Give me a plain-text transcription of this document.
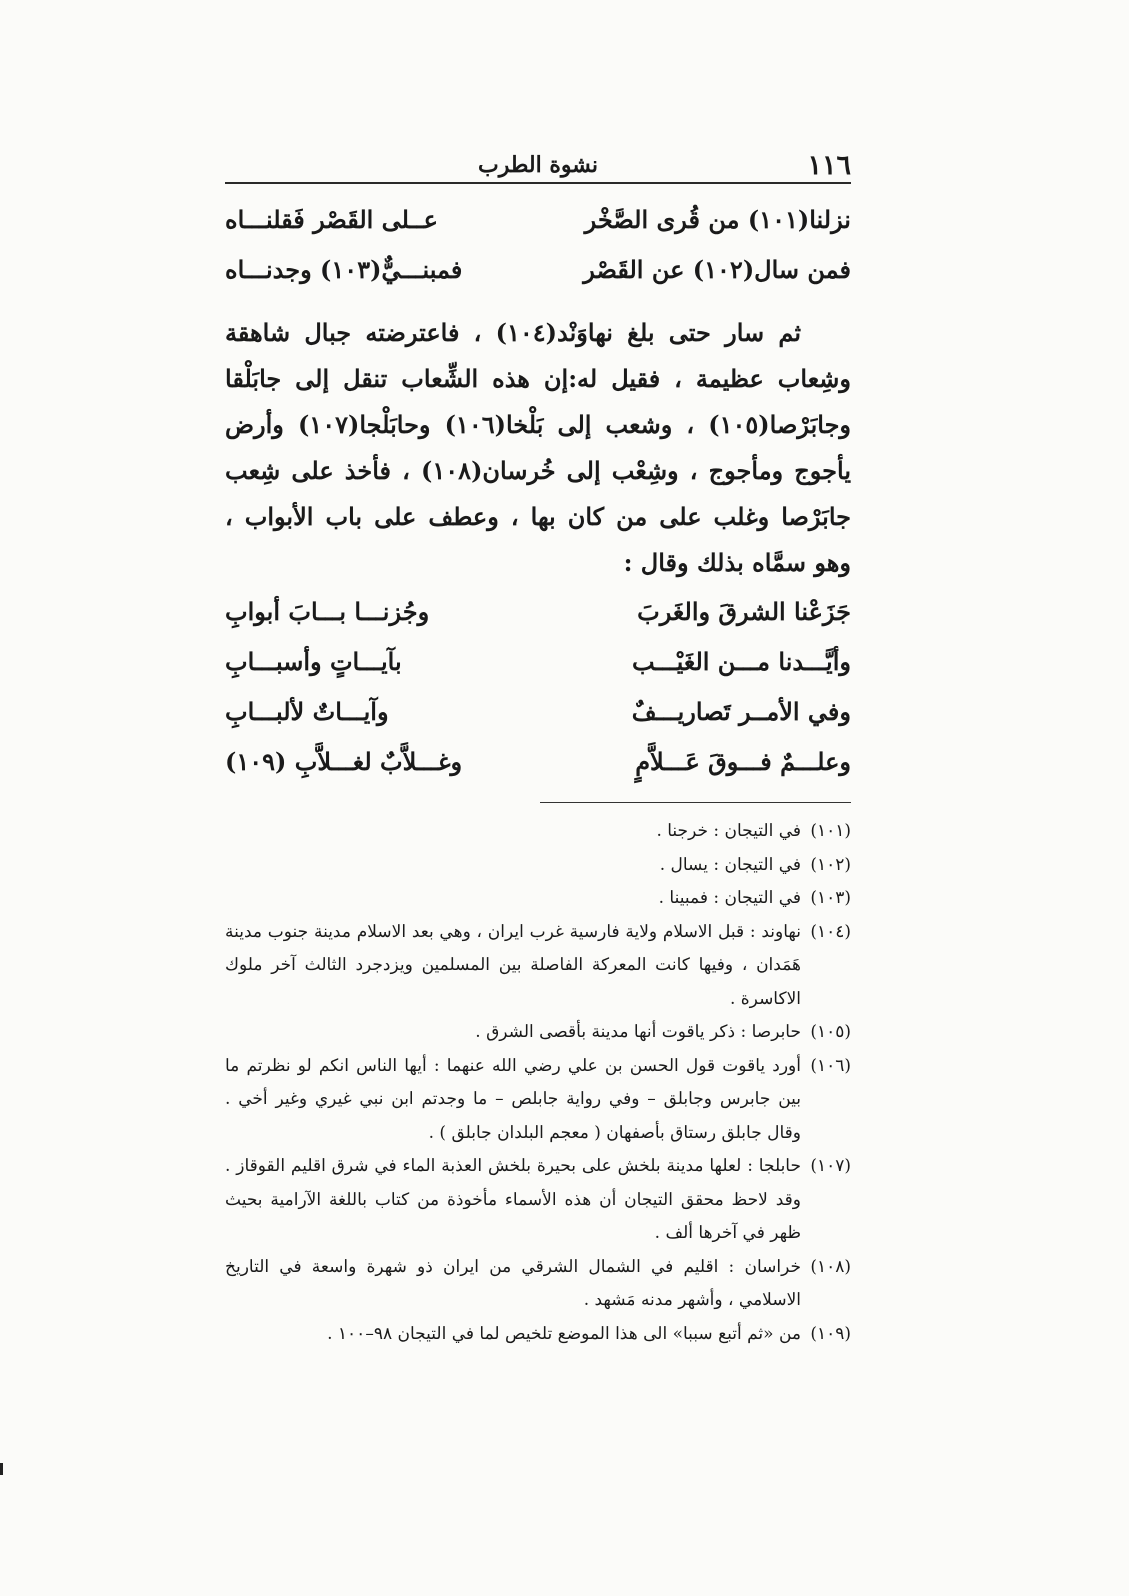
١١٦
نشوة الطرب
نزلنا(١٠١) من قُرى الصَّخْر
عــلى القَصْر فَقلنـــاه
فمن سال(١٠٢) عن القَصْر
فمبنـــيٌّ(١٠٣) وجدنـــاه

ثم سار حتى بلغ نهاوَنْد(١٠٤) ، فاعترضته جبال شاهقة وشِعاب عظيمة ، فقيل له:إن هذه الشِّعاب تنقل إلى جابَلْقا وجابَرْصا(١٠٥) ، وشعب إلى بَلْخا(١٠٦) وحابَلْجا(١٠٧) وأرض يأجوج ومأجوج ، وشِعْب إلى خُرسان(١٠٨) ، فأخذ على شِعب جابَرْصا وغلب على من كان بها ، وعطف على باب الأبواب ، وهو سمَّاه بذلك وقال :

جَزَعْنا الشرقَ والغَربَ
وجُزنـــا بـــابَ أبوابِ
وأيَّـــدنا مـــن الغَيْـــب
بآيـــاتٍ وأسبـــابِ
وفي الأمــر تَصاريـــفٌ
وآيـــاتٌ لألبـــابِ
وعلـــمٌ فـــوقَ عَـــلاَّمٍ
وغـــلاَّبٌ لغـــلاَّبِ (١٠٩)
(١٠١)
في التيجان : خرجنا .
(١٠٢)
في التيجان : يسال .
(١٠٣)
في التيجان : فمبينا .
(١٠٤)
نهاوند : قبل الاسلام ولاية فارسية غرب ايران ، وهي بعد الاسلام مدينة جنوب مدينة هَمَدان ، وفيها كانت المعركة الفاصلة بين المسلمين ويزدجرد الثالث آخر ملوك الاكاسرة .
(١٠٥)
حابرصا : ذكر ياقوت أنها مدينة بأقصى الشرق .
(١٠٦)
أورد ياقوت قول الحسن بن علي رضي الله عنهما : أيها الناس انكم لو نظرتم ما بين جابرس وجابلق – وفي رواية جابلص – ما وجدتم ابن نبي غيري وغير أخي . وقال جابلق رستاق بأصفهان ( معجم البلدان جابلق ) .
(١٠٧)
حابلجا : لعلها مدينة بلخش على بحيرة بلخش العذبة الماء في شرق اقليم القوقاز . وقد لاحظ محقق التيجان أن هذه الأسماء مأخوذة من كتاب باللغة الآرامية بحيث ظهر في آخرها ألف .
(١٠٨)
خراسان : اقليم في الشمال الشرقي من ايران ذو شهرة واسعة في التاريخ الاسلامي ، وأشهر مدنه مَشهد .
(١٠٩)
من «ثم أتبع سببا» الى هذا الموضع تلخيص لما في التيجان ٩٨–١٠٠ .
